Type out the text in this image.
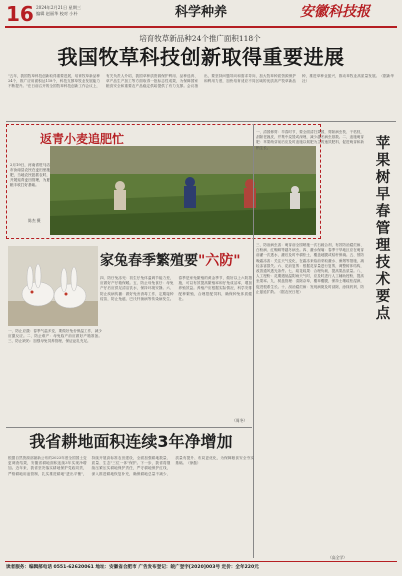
16 2024年2月21日 星期三
编辑 赵丽华 校对 小朴	科学种养	安徽科技报
培育牧草新品种24个推广面积118个
我国牧草科技创新取得重要进展
"五年，我国牧草科技创新取得重要进展，培育牧草新品种24个，推广应用面积达118个，科技支撑草牧业发展能力不断提升。"在日前召开的全国牧草科技创新工作会议上，有关负责人介绍，我国草种质资源保护利用、品种选育、草产品生产加工等方面取得一批标志性成果，为保障国家粮食安全和重要农产品稳定供给提供了有力支撑。会议指出，要坚持问题导向和需求导向，加大牧草种质资源保护和利用力度，加快培育适应不同区域的优质高产牧草新品种，推进草种业振兴，推动草牧业高质量发展。（据新华社）
返青小麦追肥忙
2月19日，河南省驻马店市汝南县农民在麦田里施肥，当地农民抢抓农时，开展返青麦田管理，为夏粮丰收打好基础。
陈杰 摄
苹果树早春管理技术要点
一、清园修剪：早春时节，要全面清扫果园，剪除病虫枝、干枯枝，刮除老翘皮，并集中烧毁或深埋，减少越冬病虫基数。二、追施萌芽肥：苹果萌芽前后应及时追施以氮肥为主的速效肥料，促进萌芽和新梢生长。
三、防治病虫害：萌芽前全园喷施一次石硫合剂，有效防治腐烂病、白粉病、红蜘蛛等越冬病虫。四、灌水保墒：春季干旱地区应在萌芽前灌一次透水，灌后及时中耕松土，覆盖地膜或秸秆保墒。五、预防晚霜冻害：关注天气变化，在霜冻来临前采取灌水、熏烟等措施，减轻冻害损失。六、花前复剪：根据花芽量进行复剪，调整树体结构，改善通风透光条件。七、疏花疏果：合理负载，提高果品质量。八、人工授粉：花期遇低温阴雨天气时，应及时进行人工辅助授粉，提高坐果率。九、树盘管理：清除杂草，覆草覆膜，保持土壤疏松湿润，促进根系生长。十、刮治腐烂病：发现病斑及时刮除，涂抹药剂，防止蔓延扩散。（据农民日报）
（高全学）
一、防止应激：春季气温多变，要做好兔舍保温工作，减少应激反应。二、防止难产：母兔临产前应做好产箱准备。三、防止缺奶：加强母兔饲养管理，保证泌乳充足。
家兔春季繁殖要"六防"
四、防仔兔冻死：初生仔兔体温调节能力差，应做好产仔箱保暖。五、防止母兔食仔：母兔产仔后应供足清洁饮水，保持环境安静。六、防止疾病传播：做好兔舍消毒工作，定期接种疫苗，防止兔瘟、巴氏杆菌病等传染病发生。春季是家兔繁殖的黄金季节，做好以上六防措施，可以有效提高繁殖率和仔兔成活率，增加养殖效益。养殖户应根据实际情况，科学安排配种繁殖，合理搭配饲料，确保种兔体质健壮。
（周冬）
我省耕地面积连续3年净增加
根据自然资源部最新公布的2023年度全国国土变更调查结果，安徽省耕地面积连续3年实现净增加。近年来，我省坚决落实耕地保护党政同责，严格耕地用途管制，扎实推进耕地"进出平衡"，持续开展高标准农田建设，全面加强耕地数量、质量、生态"三位一体"保护。下一步，我省将继续压紧压实耕地保护责任，严守耕地保护红线，深入推进耕地恢复补充，确保耕地总量不减少、质量有提升、布局更优化，为保障粮食安全夯实基础。（徐磊）
读者服务：编辑部电话 0551-62620061 地址：安徽省合肥市 广告发布登记：皖广登字[2020]003号 定价：全年220元
